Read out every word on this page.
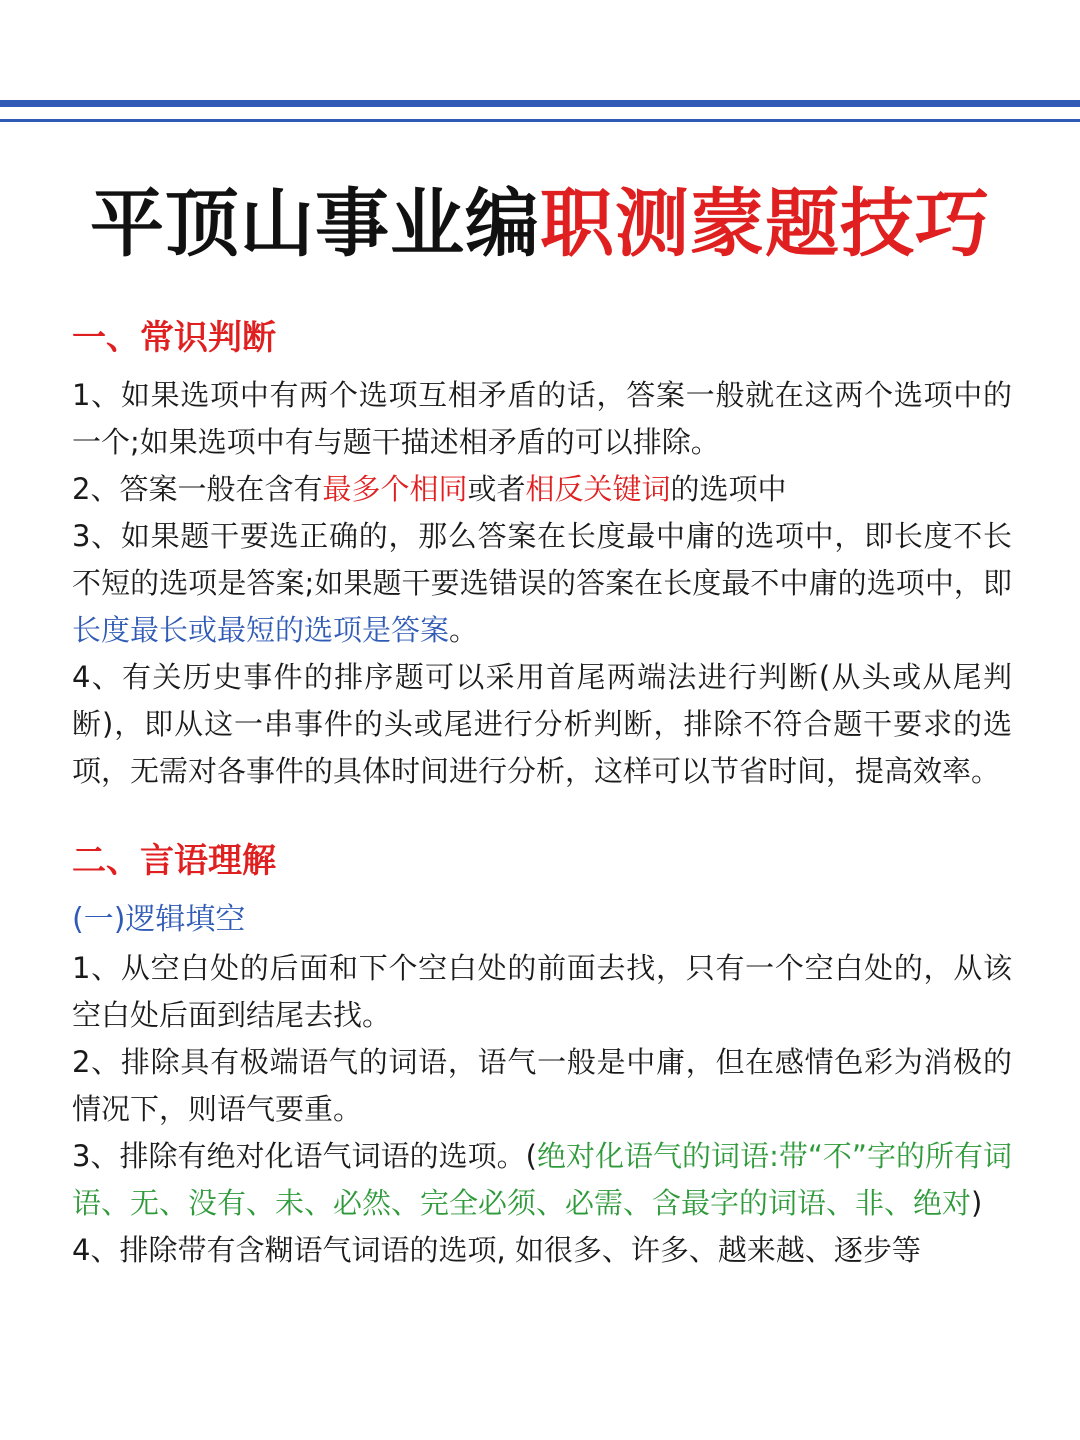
平顶山事业编职测蒙题技巧
一、常识判断

1、如果选项中有两个选项互相矛盾的话，答案一般就在这两个选项中的一个;如果选项中有与题干描述相矛盾的可以排除。

2、答案一般在含有最多个相同或者相反关键词的选项中

3、如果题干要选正确的，那么答案在长度最中庸的选项中，即长度不长不短的选项是答案;如果题干要选错误的答案在长度最不中庸的选项中，即长度最长或最短的选项是答案。

4、有关历史事件的排序题可以采用首尾两端法进行判断(从头或从尾判断)，即从这一串事件的头或尾进行分析判断，排除不符合题干要求的选项，无需对各事件的具体时间进行分析，这样可以节省时间，提高效率。

二、言语理解
(一)逻辑填空

1、从空白处的后面和下个空白处的前面去找，只有一个空白处的，从该空白处后面到结尾去找。

2、排除具有极端语气的词语，语气一般是中庸，但在感情色彩为消极的情况下，则语气要重。

3、排除有绝对化语气词语的选项。(绝对化语气的词语:带“不”字的所有词语、无、没有、未、必然、完全必须、必需、含最字的词语、非、绝对)

4、排除带有含糊语气词语的选项, 如很多、许多、越来越、逐步等
